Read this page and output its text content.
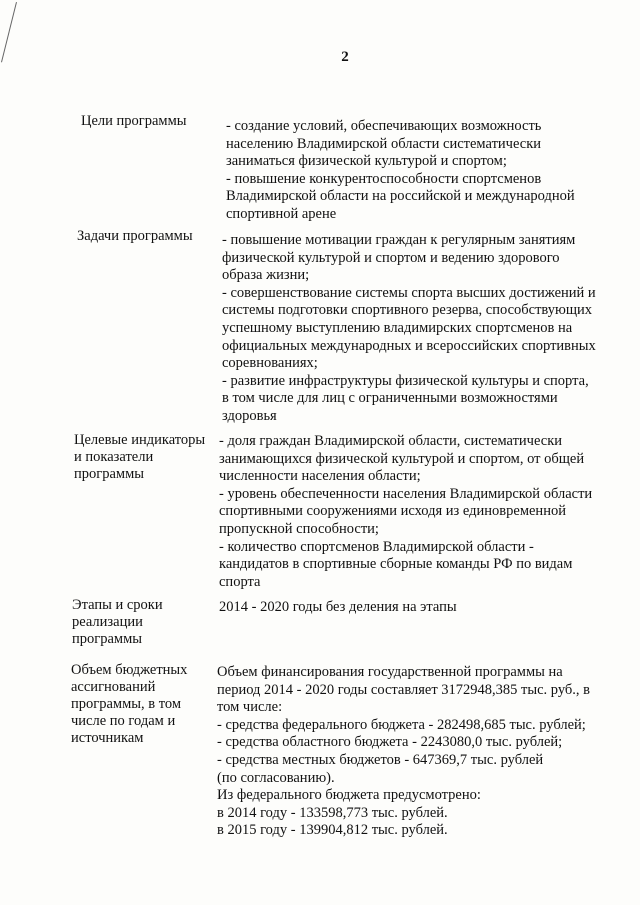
2
Цели программы	- создание условий, обеспечивающих возможность
населению Владимирской области систематически
заниматься физической культурой и спортом;
- повышение конкурентоспособности спортсменов
Владимирской области на российской и международной
спортивной арене
Задачи программы - повышение мотивации граждан к регулярным занятиям
физической культурой и спортом и ведению здорового
образа жизни;
- совершенствование системы спорта высших достижений и
системы подготовки спортивного резерва, способствующих
успешному выступлению владимирских спортсменов на
официальных международных и всероссийских спортивных
соревнованиях;
- развитие инфраструктуры физической культуры и спорта,
в том числе для лиц с ограниченными возможностями
здоровья
Целевые индикаторы
и показатели
программы
- доля граждан Владимирской области, систематически
занимающихся физической культурой и спортом, от общей
численности населения области;
- уровень обеспеченности населения Владимирской области
спортивными сооружениями исходя из единовременной
пропускной способности;
- количество спортсменов Владимирской области -
кандидатов в спортивные сборные команды РФ по видам
спорта
Этапы и сроки
реализации
программы
2014 - 2020 годы без деления на этапы
Объем бюджетных
ассигнований
программы, в том
числе по годам и
источникам
Объем финансирования государственной программы на
период 2014 - 2020 годы составляет 3172948,385 тыс. руб., в
том числе:
- средства федерального бюджета - 282498,685 тыс. рублей;
- средства областного бюджета - 2243080,0 тыс. рублей;
- средства местных бюджетов - 647369,7 тыс. рублей
(по согласованию).
Из федерального бюджета предусмотрено:
в 2014 году - 133598,773 тыс. рублей.
в 2015 году - 139904,812 тыс. рублей.
